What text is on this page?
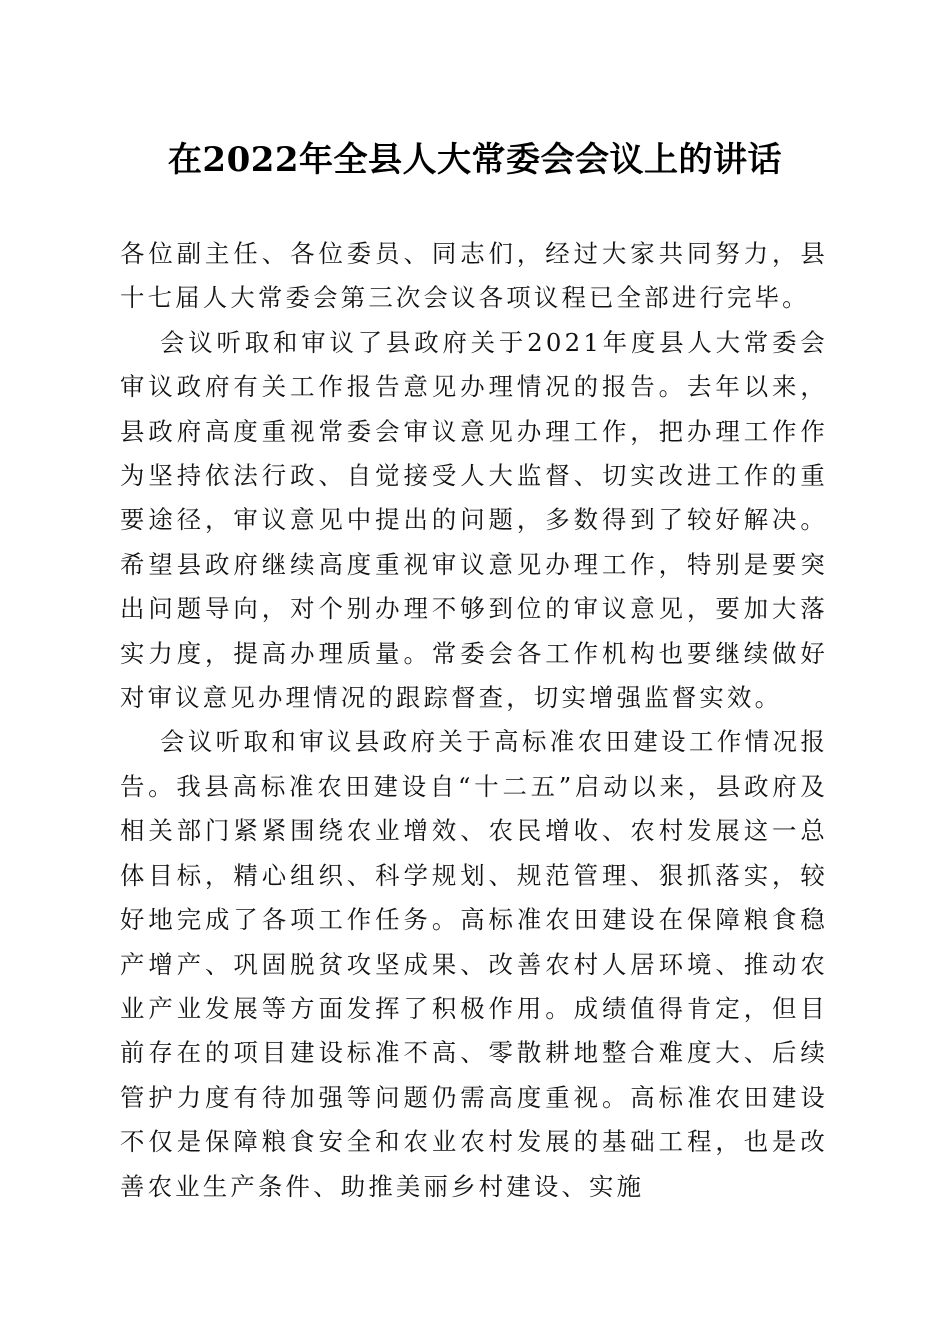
在2022年全县人大常委会会议上的讲话

各位副主任、各位委员、同志们，经过大家共同努力，县十七届人大常委会第三次会议各项议程已全部进行完毕。

会议听取和审议了县政府关于2021年度县人大常委会审议政府有关工作报告意见办理情况的报告。去年以来，县政府高度重视常委会审议意见办理工作，把办理工作作为坚持依法行政、自觉接受人大监督、切实改进工作的重要途径，审议意见中提出的问题，多数得到了较好解决。希望县政府继续高度重视审议意见办理工作，特别是要突出问题导向，对个别办理不够到位的审议意见，要加大落实力度，提高办理质量。常委会各工作机构也要继续做好对审议意见办理情况的跟踪督查，切实增强监督实效。

会议听取和审议县政府关于高标准农田建设工作情况报告。我县高标准农田建设自“十二五”启动以来，县政府及相关部门紧紧围绕农业增效、农民增收、农村发展这一总体目标，精心组织、科学规划、规范管理、狠抓落实，较好地完成了各项工作任务。高标准农田建设在保障粮食稳产增产、巩固脱贫攻坚成果、改善农村人居环境、推动农业产业发展等方面发挥了积极作用。成绩值得肯定，但目前存在的项目建设标准不高、零散耕地整合难度大、后续管护力度有待加强等问题仍需高度重视。高标准农田建设不仅是保障粮食安全和农业农村发展的基础工程，也是改善农业生产条件、助推美丽乡村建设、实施
